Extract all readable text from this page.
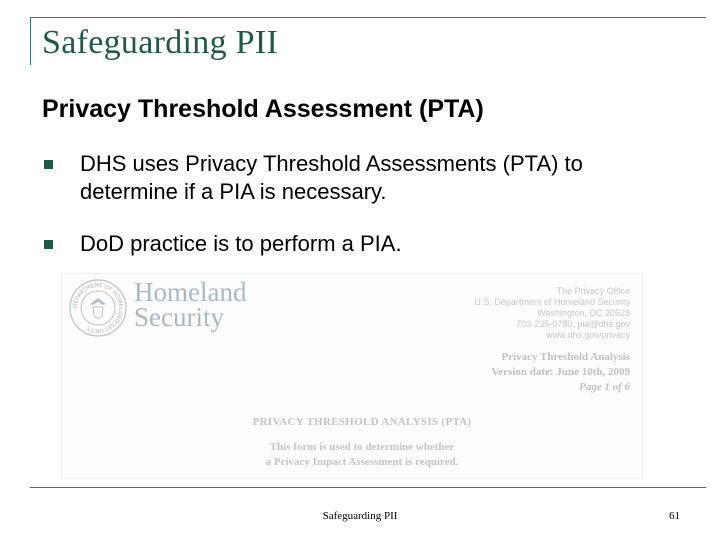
Safeguarding PII
Privacy Threshold Assessment (PTA)
DHS uses Privacy Threshold Assessments (PTA) to determine if a PIA is necessary.
DoD practice is to perform a PIA.
DEPARTMENT OF HOMELAND SECURITY
Homeland
Security
The Privacy Office
U.S. Department of Homeland Security
Washington, DC 20528
703-235-0780, pia@dhs.gov
www.dhs.gov/privacy
Privacy Threshold Analysis
Version date: June 10th, 2009
Page 1 of 6
PRIVACY THRESHOLD ANALYSIS (PTA)
This form is used to determine whether
a Privacy Impact Assessment is required.
Safeguarding PII	61
